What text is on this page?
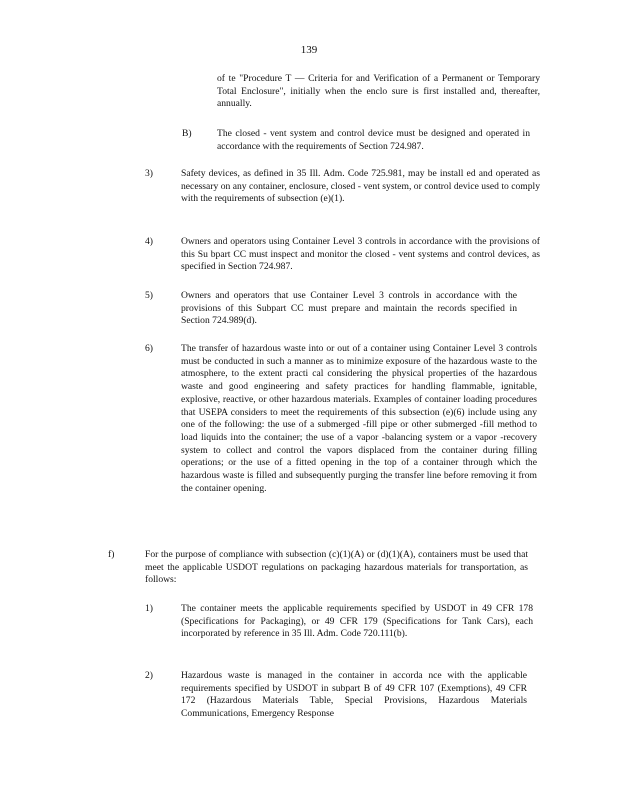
139

of te "Procedure T — Criteria for and Verification of a Permanent or Temporary Total Enclosure", initially when the enclo sure is first installed and, thereafter, annually.

B)	The closed - vent system and control device must be designed and operated in accordance with the requirements of Section 724.987.

3)	Safety devices, as defined in 35 Ill. Adm. Code 725.981, may be install ed and operated as necessary on any container, enclosure, closed - vent system, or control device used to comply with the requirements of subsection (e)(1).

4)	Owners and operators using Container Level 3 controls in accordance with the provisions of this Su bpart CC must inspect and monitor the closed - vent systems and control devices, as specified in Section 724.987.

5)	Owners and operators that use Container Level 3 controls in accordance with the provisions of this Subpart CC must prepare and maintain the records specified in Section 724.989(d).

6)	The transfer of hazardous waste into or out of a container using Container Level 3 controls must be conducted in such a manner as to minimize exposure of the hazardous waste to the atmosphere, to the extent practi cal considering the physical properties of the hazardous waste and good engineering and safety practices for handling flammable, ignitable, explosive, reactive, or other hazardous materials. Examples of container loading procedures that USEPA considers to meet the requirements of this subsection (e)(6) include using any one of the following: the use of a submerged -fill pipe or other submerged -fill method to load liquids into the container; the use of a vapor -balancing system or a vapor -recovery system to collect and control the vapors displaced from the container during filling operations; or the use of a fitted opening in the top of a container through which the hazardous waste is filled and subsequently purging the transfer line before removing it from the container opening.

f)	For the purpose of compliance with subsection (c)(1)(A) or (d)(1)(A), containers must be used that meet the applicable USDOT regulations on packaging hazardous materials for transportation, as follows:

1)	The container meets the applicable requirements specified by USDOT in 49 CFR 178 (Specifications for Packaging), or 49 CFR 179 (Specifications for Tank Cars), each incorporated by reference in 35 Ill. Adm. Code 720.111(b).

2)	Hazardous waste is managed in the container in accorda nce with the applicable requirements specified by USDOT in subpart B of 49 CFR 107 (Exemptions), 49 CFR 172 (Hazardous Materials Table, Special Provisions, Hazardous Materials Communications, Emergency Response
